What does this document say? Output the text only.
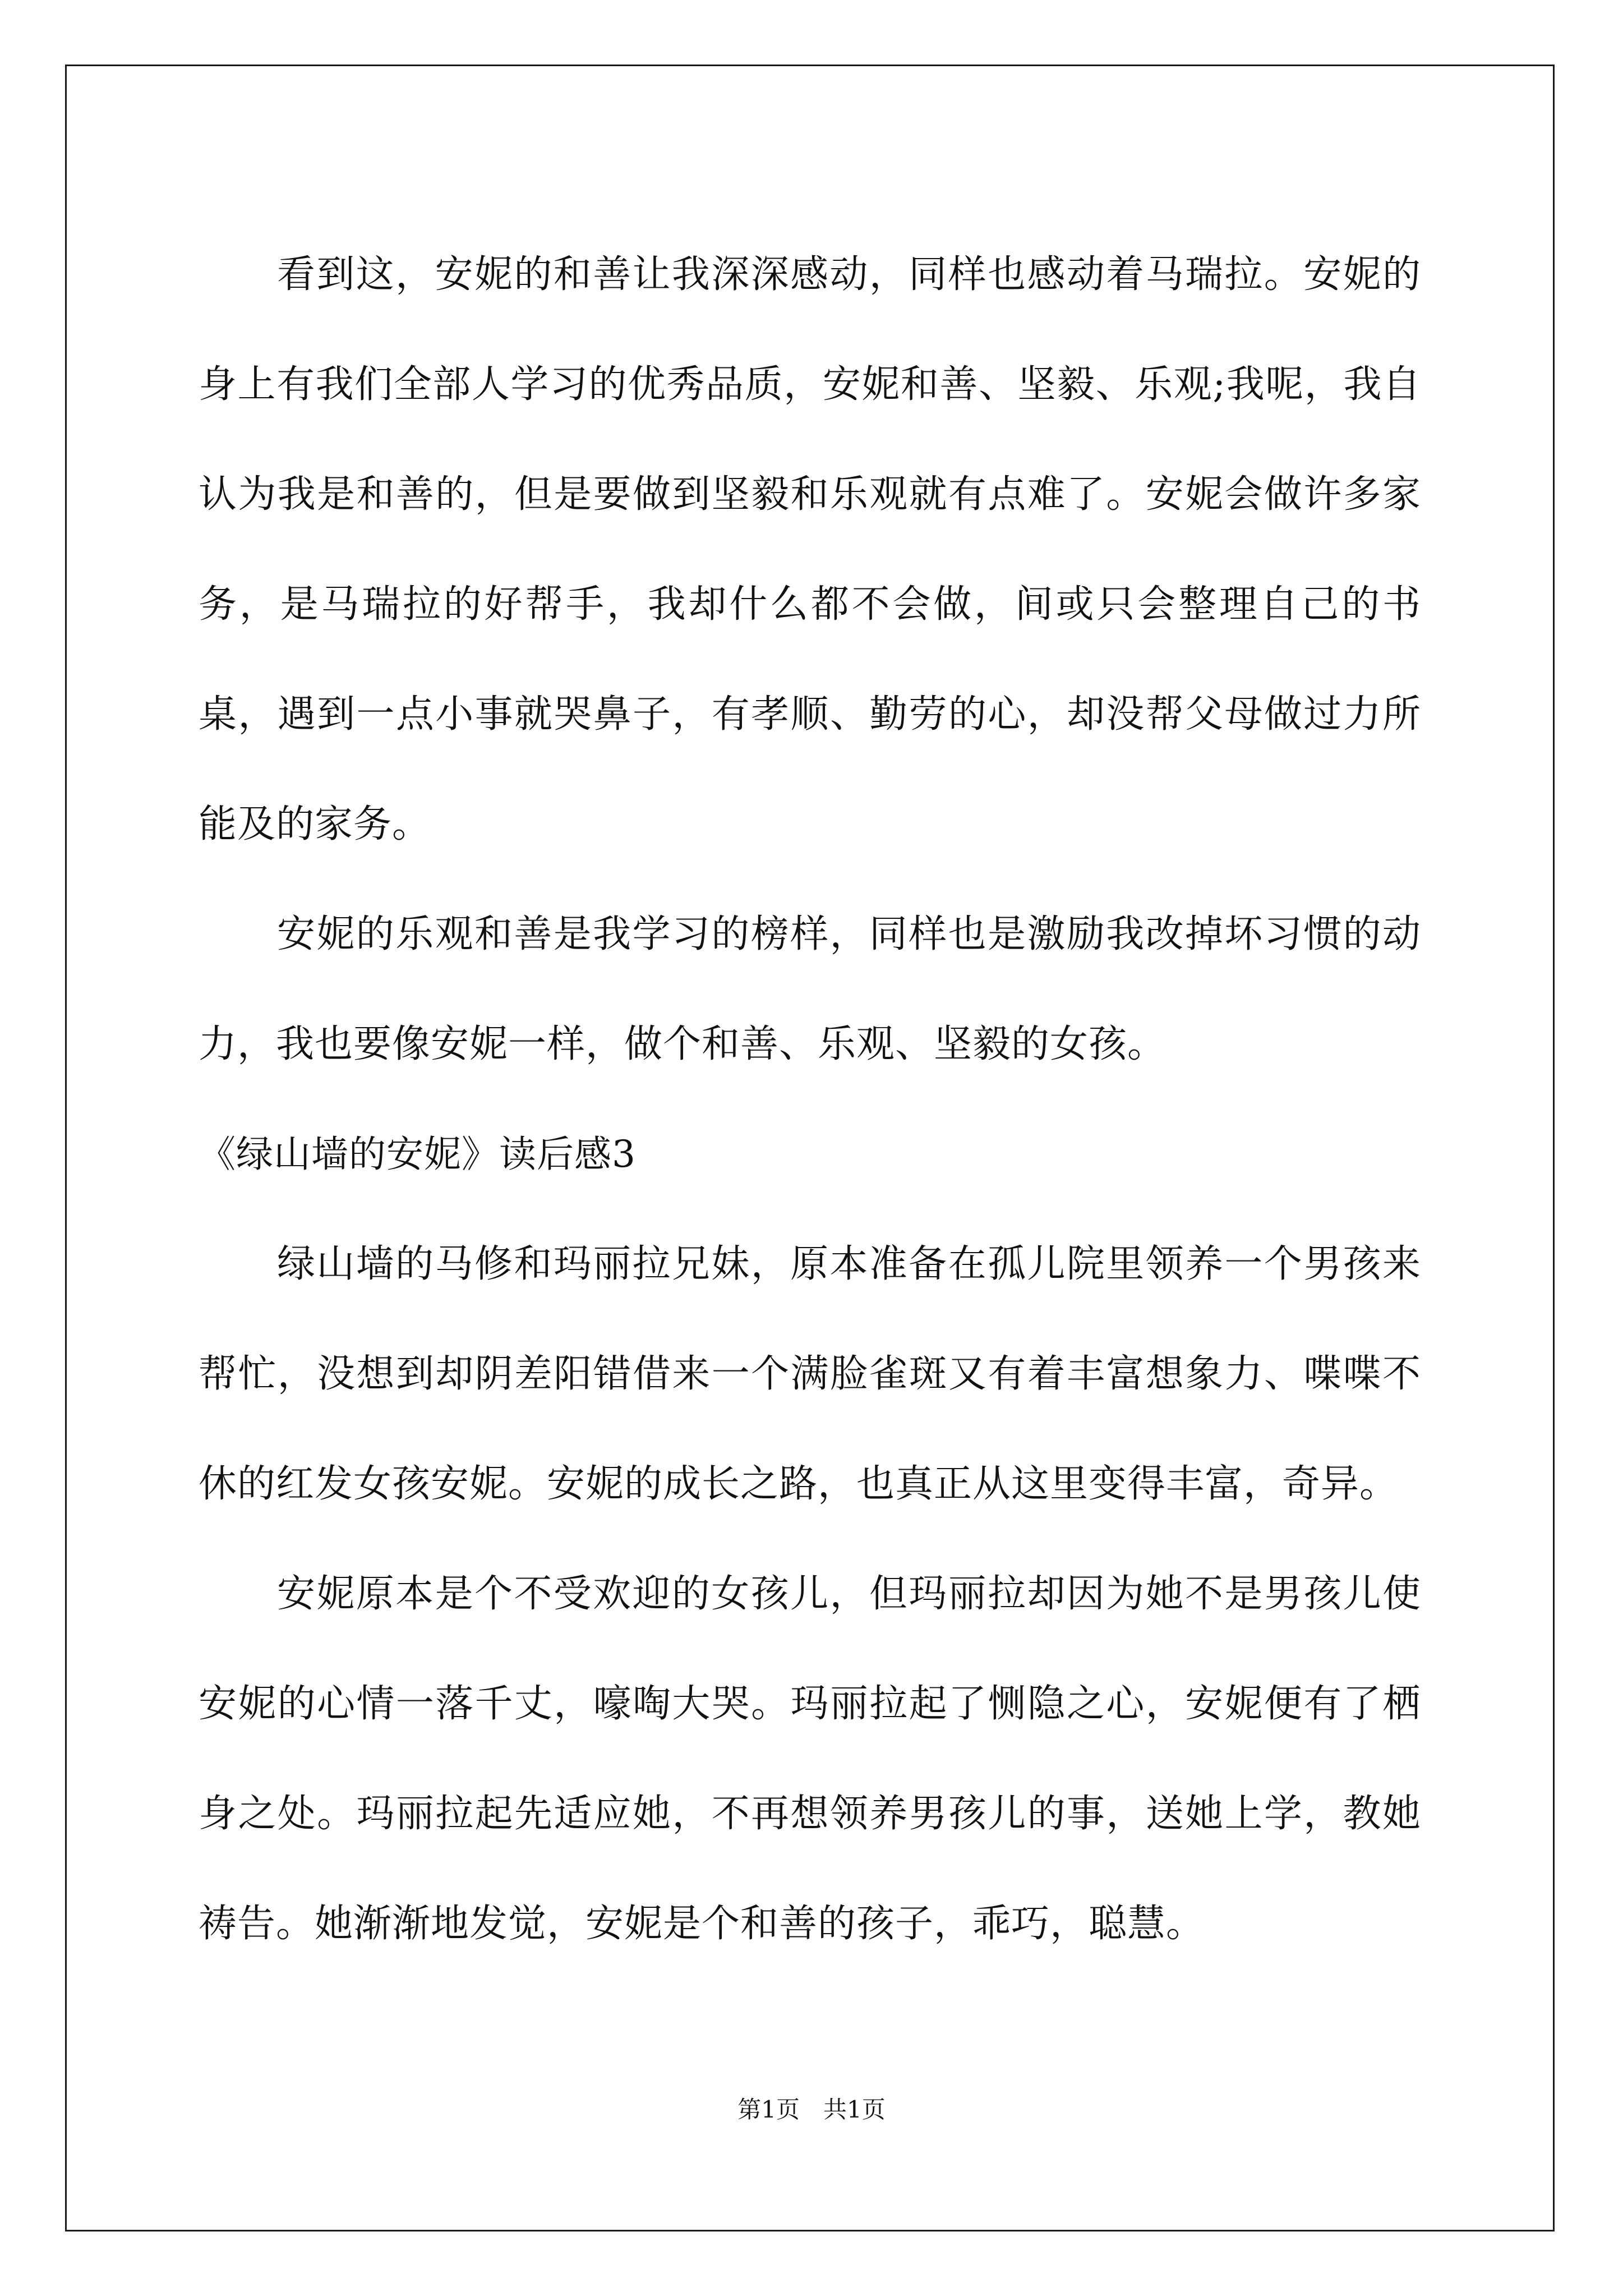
看到这，安妮的和善让我深深感动，同样也感动着马瑞拉。安妮的身上有我们全部人学习的优秀品质，安妮和善、坚毅、乐观;我呢，我自认为我是和善的，但是要做到坚毅和乐观就有点难了。安妮会做许多家务，是马瑞拉的好帮手，我却什么都不会做，间或只会整理自己的书桌，遇到一点小事就哭鼻子，有孝顺、勤劳的心，却没帮父母做过力所能及的家务。

安妮的乐观和善是我学习的榜样，同样也是激励我改掉坏习惯的动力，我也要像安妮一样，做个和善、乐观、坚毅的女孩。

《绿山墙的安妮》读后感3

绿山墙的马修和玛丽拉兄妹，原本准备在孤儿院里领养一个男孩来帮忙，没想到却阴差阳错借来一个满脸雀斑又有着丰富想象力、喋喋不休的红发女孩安妮。安妮的成长之路，也真正从这里变得丰富，奇异。

安妮原本是个不受欢迎的女孩儿，但玛丽拉却因为她不是男孩儿使安妮的心情一落千丈，嚎啕大哭。玛丽拉起了恻隐之心，安妮便有了栖身之处。玛丽拉起先适应她，不再想领养男孩儿的事，送她上学，教她祷告。她渐渐地发觉，安妮是个和善的孩子，乖巧，聪慧。

第1页　共1页
